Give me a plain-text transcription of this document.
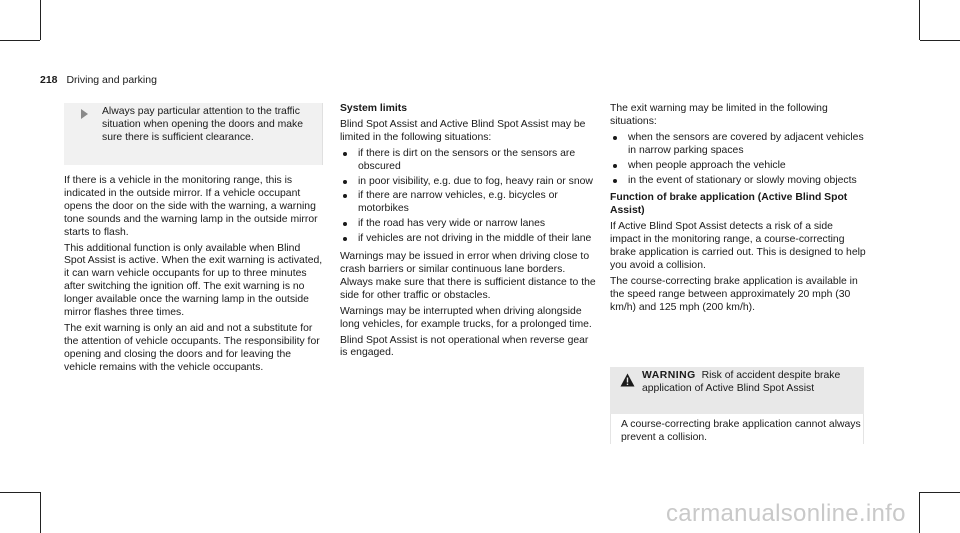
218 Driving and parking
Always pay particular attention to the traffic situation when opening the doors and make sure there is sufficient clearance.

If there is a vehicle in the monitoring range, this is indicated in the outside mirror. If a vehicle occupant opens the door on the side with the warning, a warning tone sounds and the warning lamp in the outside mirror starts to flash.

This additional function is only available when Blind Spot Assist is active. When the exit warning is activated, it can warn vehicle occupants for up to three minutes after switching the ignition off. The exit warning is no longer available once the warning lamp in the outside mirror flashes three times.

The exit warning is only an aid and not a substitute for the attention of vehicle occupants. The responsibility for opening and closing the doors and for leaving the vehicle remains with the vehicle occupants.

System limits

Blind Spot Assist and Active Blind Spot Assist may be limited in the following situations:

if there is dirt on the sensors or the sensors are obscured
in poor visibility, e.g. due to fog, heavy rain or snow
if there are narrow vehicles, e.g. bicycles or motorbikes
if the road has very wide or narrow lanes
if vehicles are not driving in the middle of their lane

Warnings may be issued in error when driving close to crash barriers or similar continuous lane borders. Always make sure that there is sufficient distance to the side for other traffic or obstacles.

Warnings may be interrupted when driving alongside long vehicles, for example trucks, for a prolonged time.

Blind Spot Assist is not operational when reverse gear is engaged.

The exit warning may be limited in the following situations:

when the sensors are covered by adjacent vehicles in narrow parking spaces
when people approach the vehicle
in the event of stationary or slowly moving objects

Function of brake application (Active Blind Spot Assist)

If Active Blind Spot Assist detects a risk of a side impact in the monitoring range, a course-correcting brake application is carried out. This is designed to help you avoid a collision.

The course-correcting brake application is available in the speed range between approximately 20 mph (30 km/h) and 125 mph (200 km/h).

WARNING Risk of accident despite brake application of Active Blind Spot Assist
A course-correcting brake application cannot always prevent a collision.
carmanualsonline.info
